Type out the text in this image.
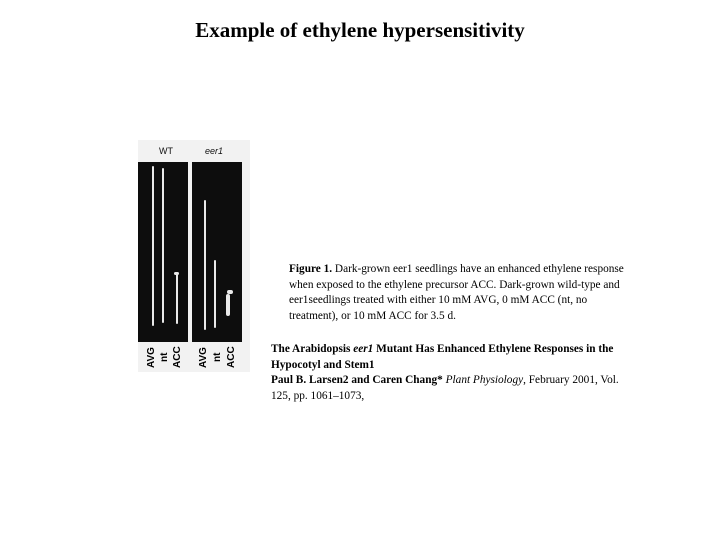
Example of ethylene hypersensitivity
WT	eer1
AVG nt ACC AVG nt ACC
Figure 1. Dark-grown eer1 seedlings have an enhanced ethylene response when exposed to the ethylene precursor ACC. Dark-grown wild-type and eer1seedlings treated with either 10 mM AVG, 0 mM ACC (nt, no treatment), or 10 mM ACC for 3.5 d.
The Arabidopsis eer1 Mutant Has Enhanced Ethylene Responses in the Hypocotyl and Stem1
Paul B. Larsen2 and Caren Chang* Plant Physiology, February 2001, Vol. 125, pp. 1061–1073,
